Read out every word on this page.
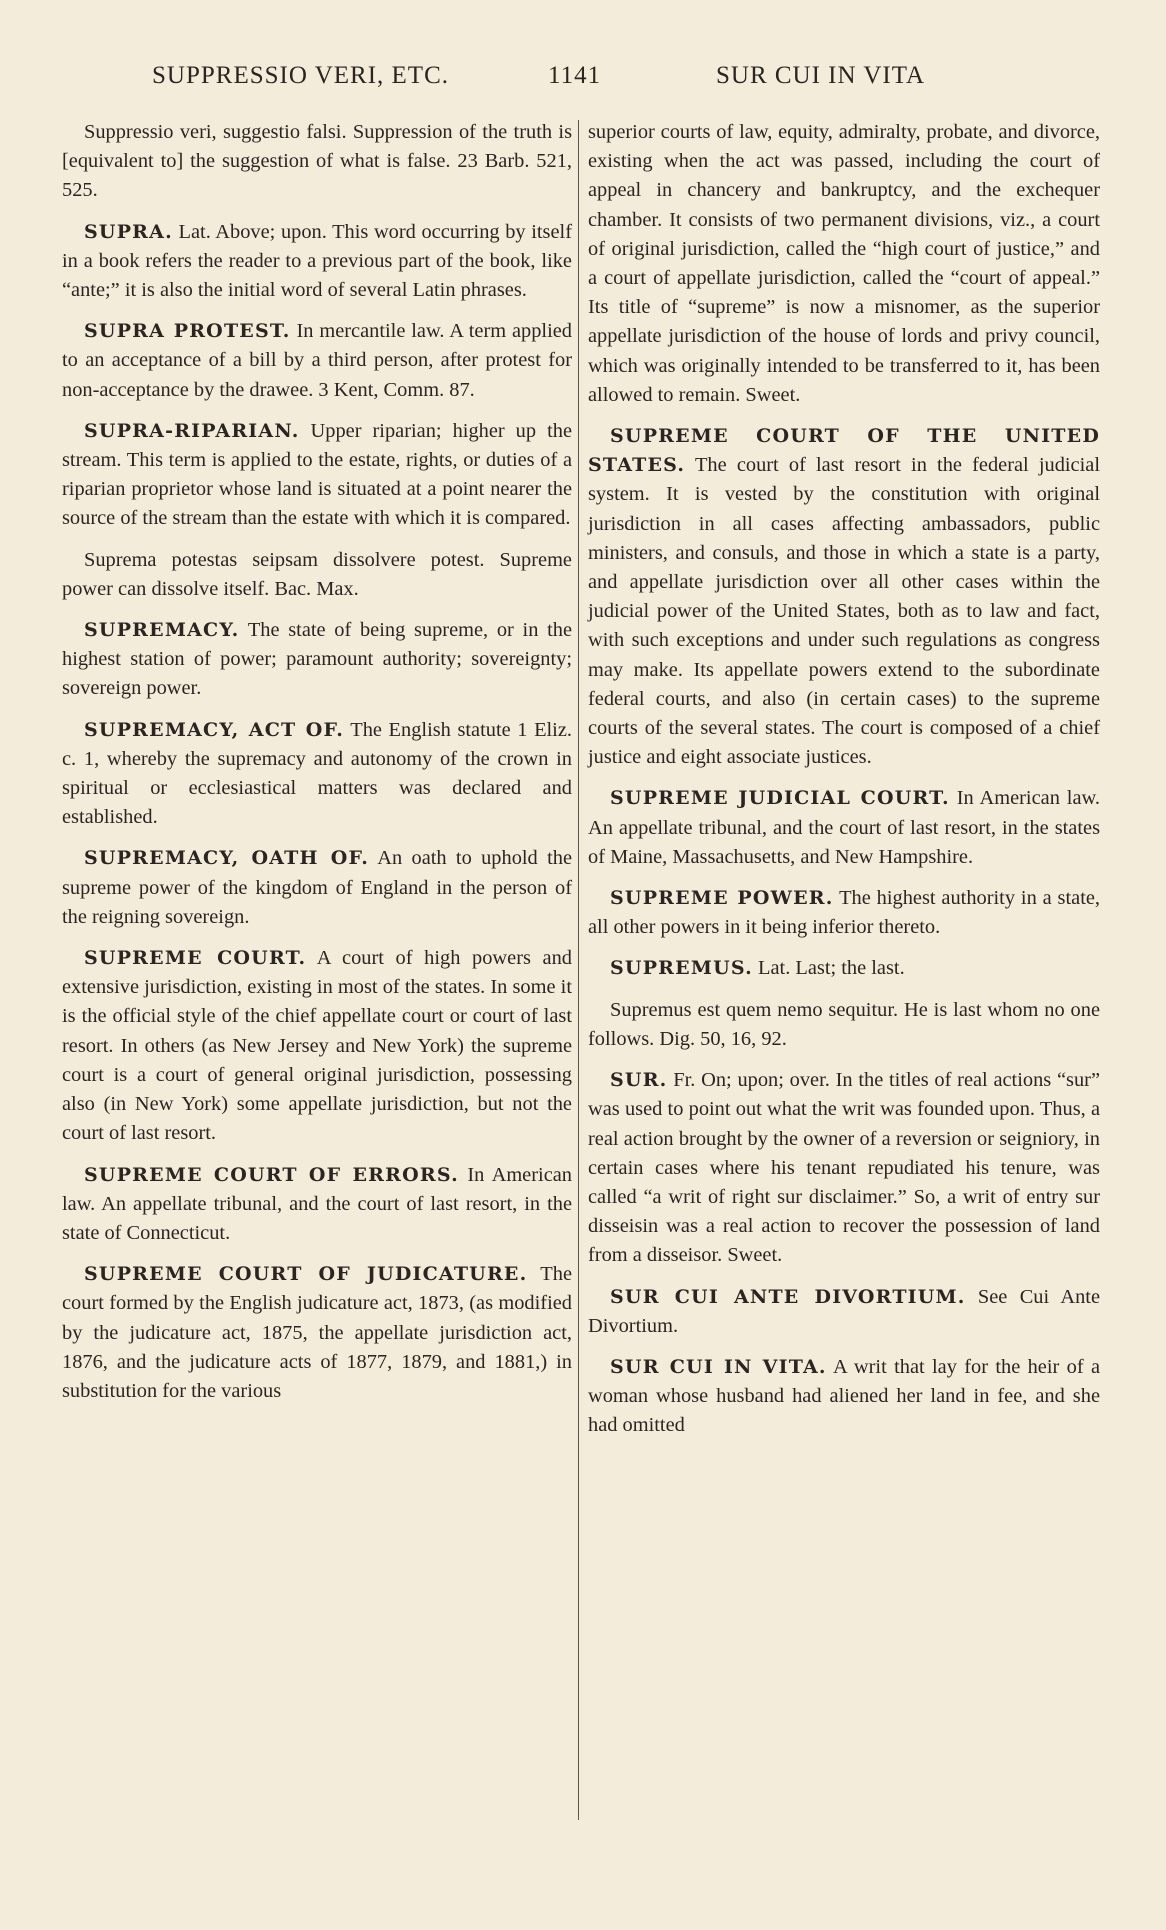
SUPPRESSIO VERI, ETC.	1141	SUR CUI IN VITA

Suppressio veri, suggestio falsi. Suppression of the truth is [equivalent to] the suggestion of what is false. 23 Barb. 521, 525.

SUPRA. Lat. Above; upon. This word occurring by itself in a book refers the reader to a previous part of the book, like “ante;” it is also the initial word of several Latin phrases.

SUPRA PROTEST. In mercantile law. A term applied to an acceptance of a bill by a third person, after protest for non-acceptance by the drawee. 3 Kent, Comm. 87.

SUPRA-RIPARIAN. Upper riparian; higher up the stream. This term is applied to the estate, rights, or duties of a riparian proprietor whose land is situated at a point nearer the source of the stream than the estate with which it is compared.

Suprema potestas seipsam dissolvere potest. Supreme power can dissolve itself. Bac. Max.

SUPREMACY. The state of being supreme, or in the highest station of power; paramount authority; sovereignty; sovereign power.

SUPREMACY, ACT OF. The English statute 1 Eliz. c. 1, whereby the supremacy and autonomy of the crown in spiritual or ecclesiastical matters was declared and established.

SUPREMACY, OATH OF. An oath to uphold the supreme power of the kingdom of England in the person of the reigning sovereign.

SUPREME COURT. A court of high powers and extensive jurisdiction, existing in most of the states. In some it is the official style of the chief appellate court or court of last resort. In others (as New Jersey and New York) the supreme court is a court of general original jurisdiction, possessing also (in New York) some appellate jurisdiction, but not the court of last resort.

SUPREME COURT OF ERRORS. In American law. An appellate tribunal, and the court of last resort, in the state of Connecticut.

SUPREME COURT OF JUDICATURE. The court formed by the English judicature act, 1873, (as modified by the judicature act, 1875, the appellate jurisdiction act, 1876, and the judicature acts of 1877, 1879, and 1881,) in substitution for the various

superior courts of law, equity, admiralty, probate, and divorce, existing when the act was passed, including the court of appeal in chancery and bankruptcy, and the exchequer chamber. It consists of two permanent divisions, viz., a court of original jurisdiction, called the “high court of justice,” and a court of appellate jurisdiction, called the “court of appeal.” Its title of “supreme” is now a misnomer, as the superior appellate jurisdiction of the house of lords and privy council, which was originally intended to be transferred to it, has been allowed to remain. Sweet.

SUPREME COURT OF THE UNITED STATES. The court of last resort in the federal judicial system. It is vested by the constitution with original jurisdiction in all cases affecting ambassadors, public ministers, and consuls, and those in which a state is a party, and appellate jurisdiction over all other cases within the judicial power of the United States, both as to law and fact, with such exceptions and under such regulations as congress may make. Its appellate powers extend to the subordinate federal courts, and also (in certain cases) to the supreme courts of the several states. The court is composed of a chief justice and eight associate justices.

SUPREME JUDICIAL COURT. In American law. An appellate tribunal, and the court of last resort, in the states of Maine, Massachusetts, and New Hampshire.

SUPREME POWER. The highest authority in a state, all other powers in it being inferior thereto.

SUPREMUS. Lat. Last; the last.

Supremus est quem nemo sequitur. He is last whom no one follows. Dig. 50, 16, 92.

SUR. Fr. On; upon; over. In the titles of real actions “sur” was used to point out what the writ was founded upon. Thus, a real action brought by the owner of a reversion or seigniory, in certain cases where his tenant repudiated his tenure, was called “a writ of right sur disclaimer.” So, a writ of entry sur disseisin was a real action to recover the possession of land from a disseisor. Sweet.

SUR CUI ANTE DIVORTIUM. See Cui Ante Divortium.

SUR CUI IN VITA. A writ that lay for the heir of a woman whose husband had aliened her land in fee, and she had omitted
